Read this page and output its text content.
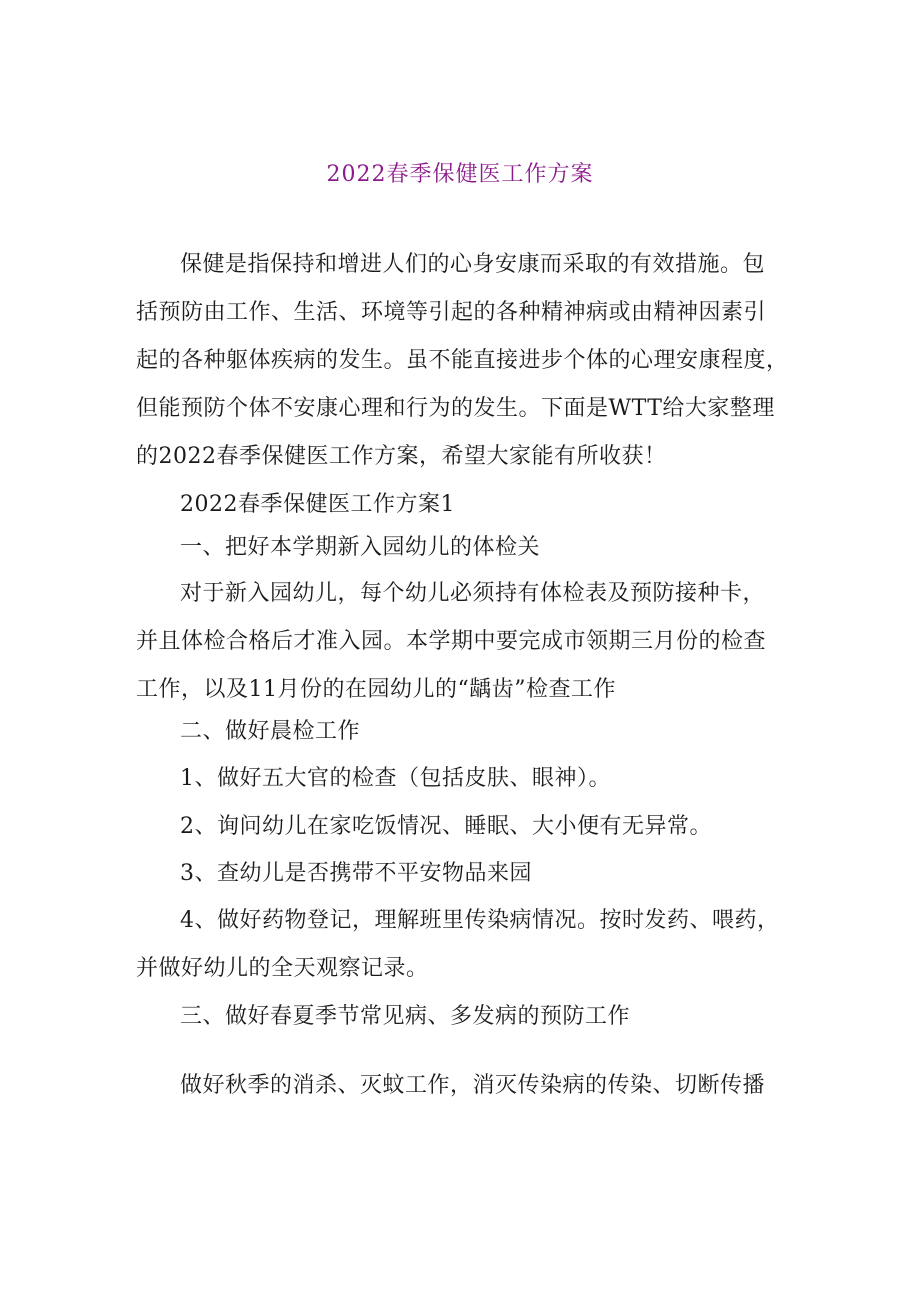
2022春季保健医工作方案

保健是指保持和增进人们的心身安康而采取的有效措施。包
括预防由工作、生活、环境等引起的各种精神病或由精神因素引
起的各种躯体疾病的发生。虽不能直接进步个体的心理安康程度，
但能预防个体不安康心理和行为的发生。下面是WTT给大家整理
的2022春季保健医工作方案，希望大家能有所收获！

2022春季保健医工作方案1

一、把好本学期新入园幼儿的体检关

对于新入园幼儿，每个幼儿必须持有体检表及预防接种卡，
并且体检合格后才准入园。本学期中要完成市领期三月份的检查
工作，以及11月份的在园幼儿的“龋齿”检查工作

二、做好晨检工作

1、做好五大官的检查（包括皮肤、眼神）。

2、询问幼儿在家吃饭情况、睡眠、大小便有无异常。

3、查幼儿是否携带不平安物品来园

4、做好药物登记，理解班里传染病情况。按时发药、喂药，
并做好幼儿的全天观察记录。

三、做好春夏季节常见病、多发病的预防工作

做好秋季的消杀、灭蚊工作，消灭传染病的传染、切断传播
